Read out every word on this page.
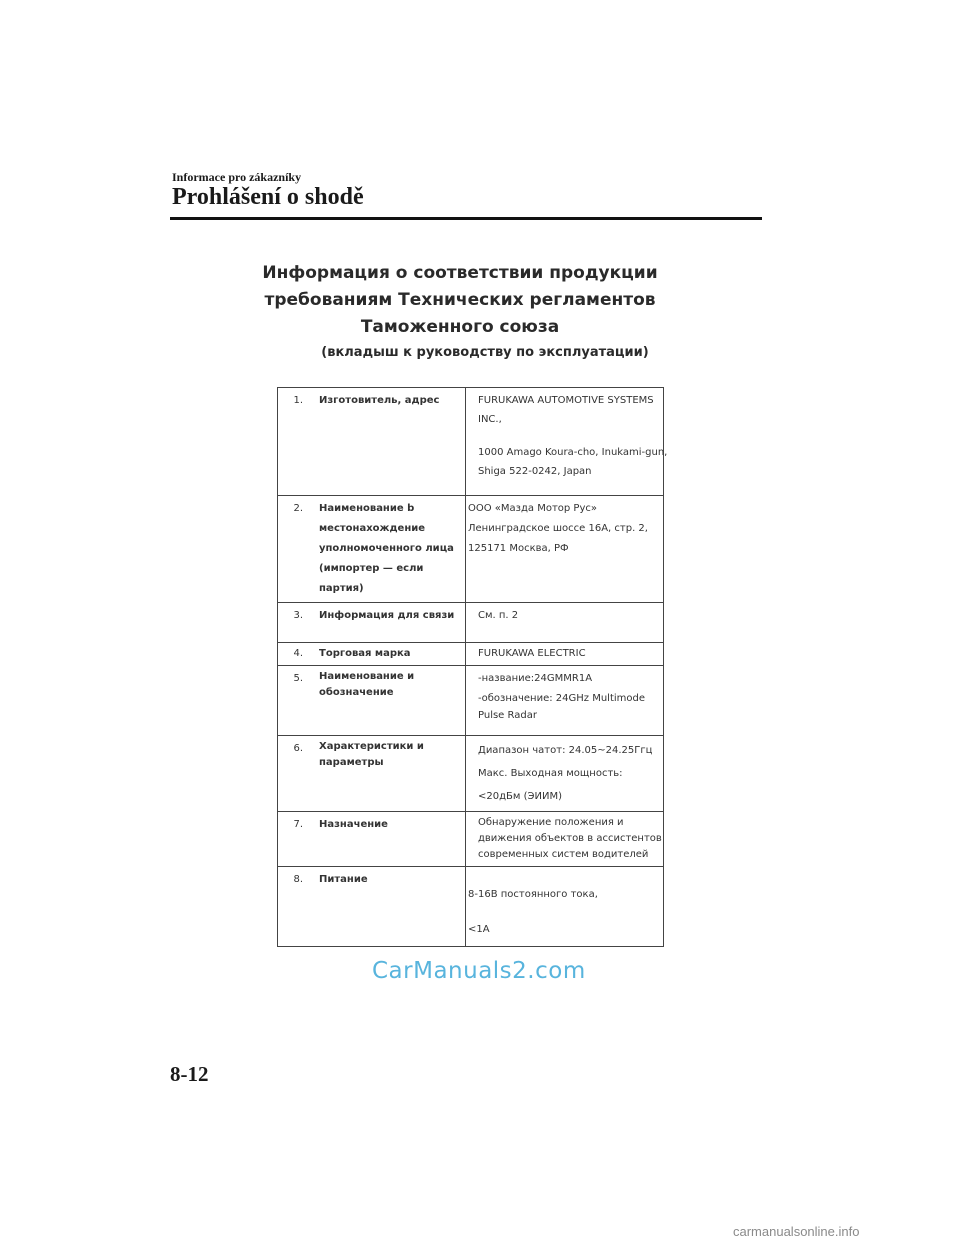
Informace pro zákazníky
Prohlášení o shodě
Информация о соответствии продукции
требованиям Технических регламентов
Таможенного союза
(вкладыш к руководству по эксплуатации)
1.	Изготовитель, адрес	FURUKAWA AUTOMOTIVE SYSTEMS
INC.,
1000 Amago Koura-cho, Inukami-gun,
Shiga 522-0242, Japan

2.	Наименование b местонахождение уполномоченного лица (импортер — если партия)	ООО «Мазда Мотор Рус»
Ленинградское шоссе 16А, стр. 2,
125171 Москва, РФ

3.	Информация для связи	См. п. 2

4.	Торговая марка	FURUKAWA ELECTRIC

5.	Наименование и обозначение	-название:24GMMR1A
-обозначение: 24GHz Multimode
Pulse Radar

6.	Характеристики и параметры	Диапазон чатот: 24.05~24.25Ггц
Макс. Выходная мощность:
<20дБм (ЭИИМ)

7.	Назначение	Обнаружение положения и
движения объектов в ассистентов
современных систем водителей

8.	Питание	8-16В постоянного тока,
<1A
CarManuals2.com
8-12
carmanualsonline.info
